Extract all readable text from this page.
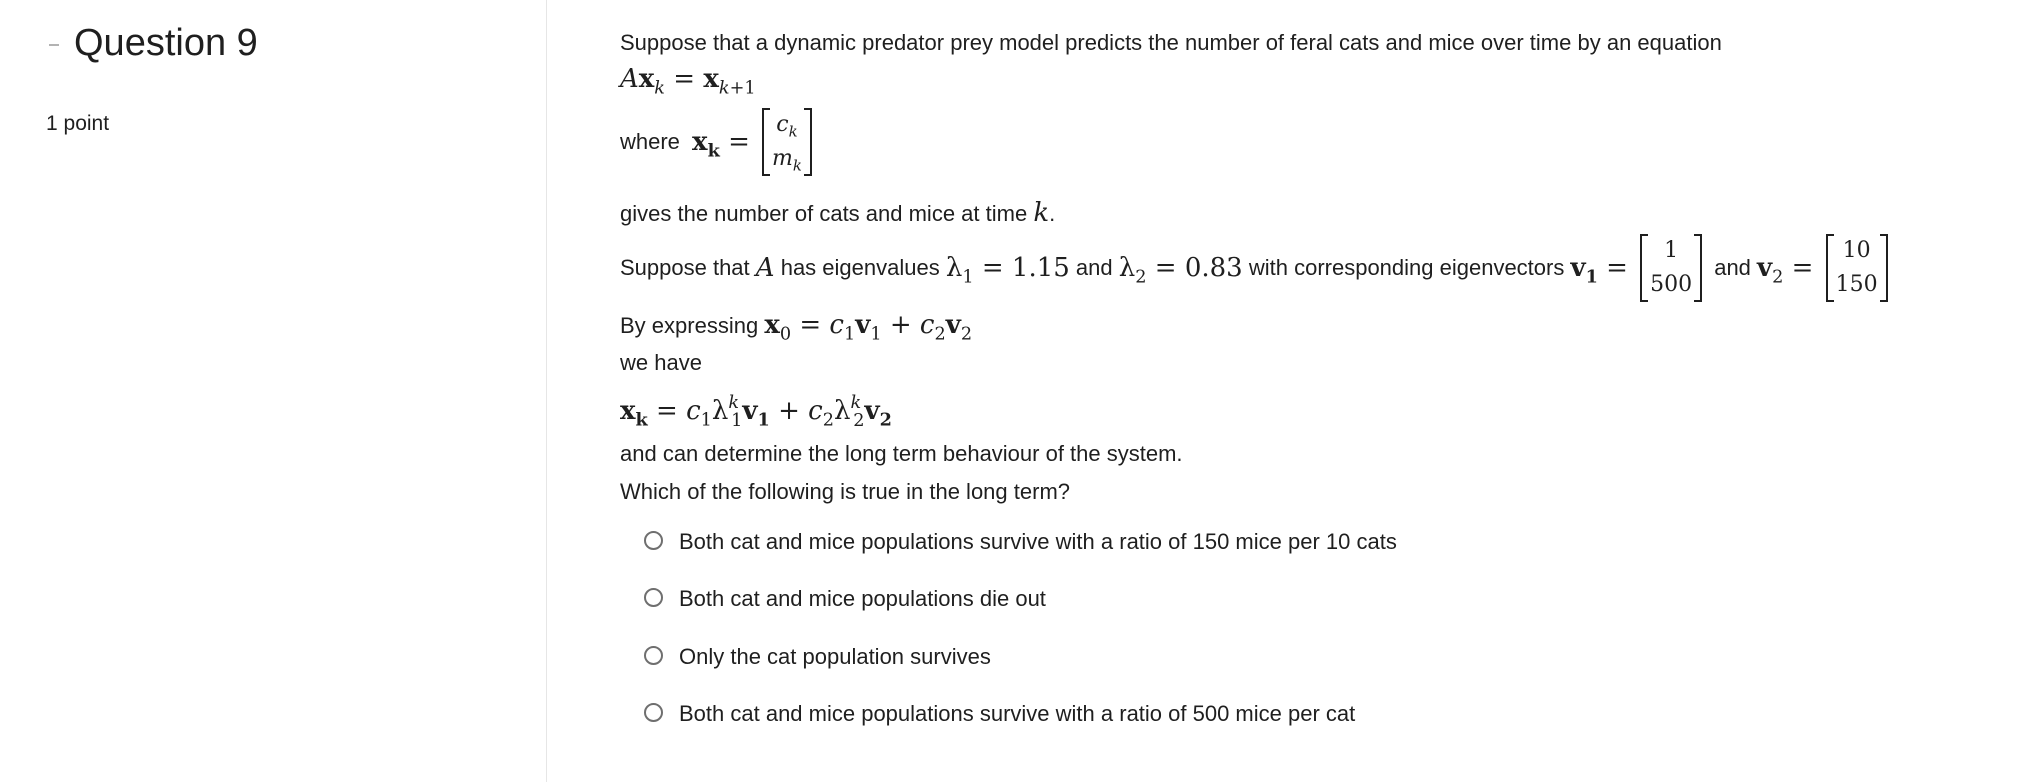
Question 9
1 point
Suppose that a dynamic predator prey model predicts the number of feral cats and mice over time by an equation
$Ax_k = x_{k+1}$
where $x_k$ =
$c_k$
$m_k$
gives the number of cats and mice at time k.
Suppose that A has eigenvalues $\lambda_1 = 1.15$ and $\lambda_2 = 0.83$ with corresponding eigenvectors $v_1$ =
1
500
and $v_2$ =
10
150
By expressing $x_0 = c_1v_1 + c_2v_2$
we have
$x_k = c_1\lambda^k_1v_1 + c_2\lambda^k_2v_2$
and can determine the long term behaviour of the system.
Which of the following is true in the long term?
Both cat and mice populations survive with a ratio of 150 mice per 10 cats
Both cat and mice populations die out
Only the cat population survives
Both cat and mice populations survive with a ratio of 500 mice per cat
